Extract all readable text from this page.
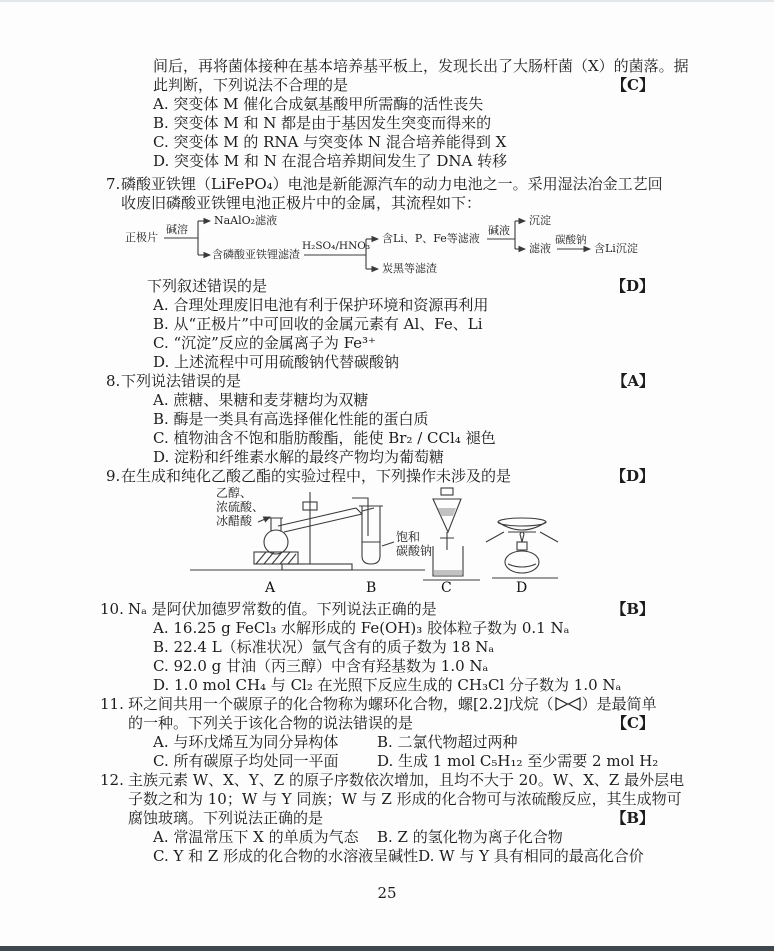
间后，再将菌体接种在基本培养基平板上，发现长出了大肠杆菌（X）的菌落。据
此判断，下列说法不合理的是	【C】
A. 突变体 M 催化合成氨基酸甲所需酶的活性丧失
B. 突变体 M 和 N 都是由于基因发生突变而得来的
C. 突变体 M 的 RNA 与突变体 N 混合培养能得到 X
D. 突变体 M 和 N 在混合培养期间发生了 DNA 转移
7.磷酸亚铁锂（LiFePO₄）电池是新能源汽车的动力电池之一。采用湿法冶金工艺回
收废旧磷酸亚铁锂电池正极片中的金属，其流程如下：
正极片
碱溶
NaAlO₂滤液
含磷酸亚铁锂滤渣
H₂SO₄/HNO₃
含Li、P、Fe等滤液
炭黑等滤渣
碱液
沉淀
滤液
碳酸钠
含Li沉淀
下列叙述错误的是	【D】
A. 合理处理废旧电池有利于保护环境和资源再利用
B. 从“正极片”中可回收的金属元素有 Al、Fe、Li
C. “沉淀”反应的金属离子为 Fe³⁺
D. 上述流程中可用硫酸钠代替碳酸钠
8.下列说法错误的是	【A】
A. 蔗糖、果糖和麦芽糖均为双糖
B. 酶是一类具有高选择催化性能的蛋白质
C. 植物油含不饱和脂肪酸酯，能使 Br₂ / CCl₄ 褪色
D. 淀粉和纤维素水解的最终产物均为葡萄糖
9.在生成和纯化乙酸乙酯的实验过程中，下列操作未涉及的是	【D】
乙醇、
浓硫酸、
冰醋酸
饱和
碳酸钠
A	B	C	D
10. Nₐ 是阿伏加德罗常数的值。下列说法正确的是	【B】
A. 16.25 g FeCl₃ 水解形成的 Fe(OH)₃ 胶体粒子数为 0.1 Nₐ
B. 22.4 L（标准状况）氩气含有的质子数为 18 Nₐ
C. 92.0 g 甘油（丙三醇）中含有羟基数为 1.0 Nₐ
D. 1.0 mol CH₄ 与 Cl₂ 在光照下反应生成的 CH₃Cl 分子数为 1.0 Nₐ
11. 环之间共用一个碳原子的化合物称为螺环化合物，螺[2.2]戊烷（ ）是最简单
的一种。下列关于该化合物的说法错误的是	【C】
A. 与环戊烯互为同分异构体	B. 二氯代物超过两种
C. 所有碳原子均处同一平面	D. 生成 1 mol C₅H₁₂ 至少需要 2 mol H₂
12. 主族元素 W、X、Y、Z 的原子序数依次增加，且均不大于 20。W、X、Z 最外层电
子数之和为 10；W 与 Y 同族；W 与 Z 形成的化合物可与浓硫酸反应，其生成物可
腐蚀玻璃。下列说法正确的是	【B】
A. 常温常压下 X 的单质为气态 B. Z 的氢化物为离子化合物
C. Y 和 Z 形成的化合物的水溶液呈碱性D. W 与 Y 具有相同的最高化合价
25
